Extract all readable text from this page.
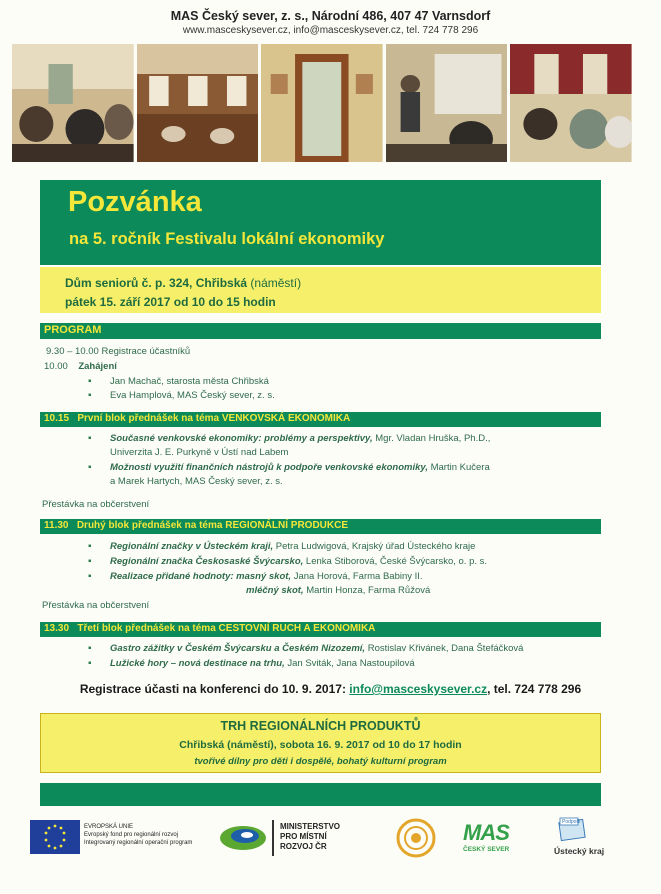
MAS Český sever, z. s., Národní 486, 407 47 Varnsdorf
www.masceskysever.cz, info@masceskysever.cz, tel. 724 778 296
Pozvánka
na 5. ročník Festivalu lokální ekonomiky
Dům seniorů č. p. 324, Chřibská (náměstí)
pátek 15. září 2017 od 10 do 15 hodin
PROGRAM
9.30 – 10.00 Registrace účastníků
10.00 Zahájení
▪ Jan Machač, starosta města Chřibská
▪ Eva Hamplová, MAS Český sever, z. s.
10.15 První blok přednášek na téma VENKOVSKÁ EKONOMIKA
▪ Současné venkovské ekonomiky: problémy a perspektivy, Mgr. Vladan Hruška, Ph.D.,
Univerzita J. E. Purkyně v Ústí nad Labem
▪ Možnosti využití finančních nástrojů k podpoře venkovské ekonomiky, Martin Kučera
a Marek Hartych, MAS Český sever, z. s.
Přestávka na občerstvení
11.30 Druhý blok přednášek na téma REGIONÁLNÍ PRODUKCE
▪ Regionální značky v Ústeckém kraji, Petra Ludwigová, Krajský úřad Ústeckého kraje
▪ Regionální značka Českosaské Švýcarsko, Lenka Stiborová, České Švýcarsko, o. p. s.
▪ Realizace přidané hodnoty: masný skot, Jana Horová, Farma Babiny II.
mléčný skot, Martin Honza, Farma Růžová
Přestávka na občerstvení
13.30 Třetí blok přednášek na téma CESTOVNÍ RUCH A EKONOMIKA
▪ Gastro zážitky v Českém Švýcarsku a Českém Nizozemí, Rostislav Křivánek, Dana Štefáčková
▪ Lužické hory – nová destinace na trhu, Jan Sviták, Jana Nastoupilová
Registrace účasti na konferenci do 10. 9. 2017: info@masceskysever.cz, tel. 724 778 296
TRH REGIONÁLNÍCH PRODUKTŮ
Chřibská (náměstí), sobota 16. 9. 2017 od 10 do 17 hodin
tvořivé dílny pro děti i dospělé, bohatý kulturní program
EVROPSKÁ UNIE
Evropský fond pro regionální rozvoj
Integrovaný regionální operační program
MINISTERSTVO
PRO MÍSTNÍ
ROZVOJ ČR
MAS
ČESKÝ SEVER
Podpořil
Ústecký kraj
